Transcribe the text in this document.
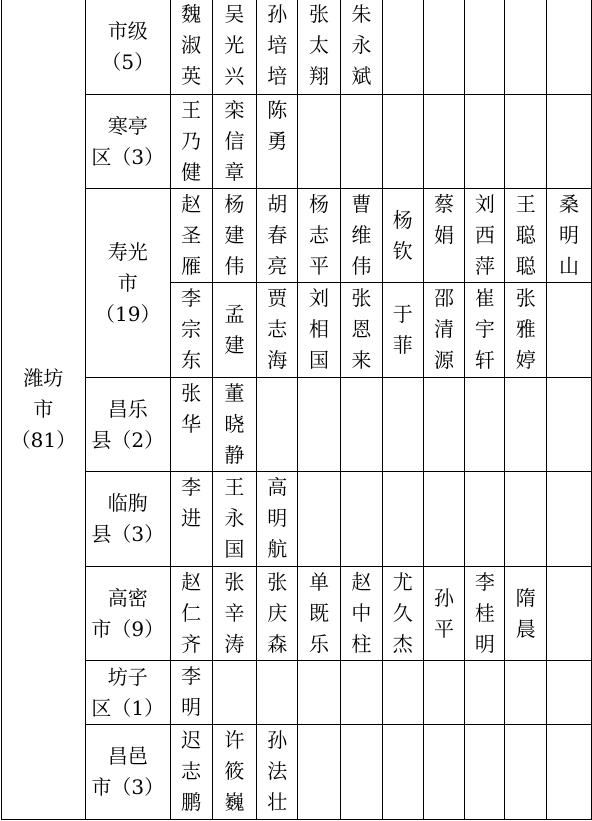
潍坊
市
（81）	市级
（5）	魏
淑
英	吴
光
兴	孙
培
培	张
太
翔	朱
永
斌					

	寒亭
区（3）	王
乃
健	栾
信
章	陈
勇							

	寿光
市
（19）	赵
圣
雁	杨
建
伟	胡
春
亮	杨
志
平	曹
维
伟	杨
钦	蔡
娟	刘
西
萍	王
聪
聪	桑
明
山

		李
宗
东	孟
建	贾
志
海	刘
相
国	张
恩
来	于
菲	邵
清
源	崔
宇
轩	张
雅
婷	

	昌乐
县（2）	张
华	董
晓
静								

	临朐
县（3）	李
进	王
永
国	高
明
航							

	高密
市（9）	赵
仁
齐	张
辛
涛	张
庆
森	单
既
乐	赵
中
柱	尤
久
杰	孙
平	李
桂
明	隋
晨	

	坊子
区（1）	李
明									

	昌邑
市（3）	迟
志
鹏	许
筱
巍	孙
法
壮							
